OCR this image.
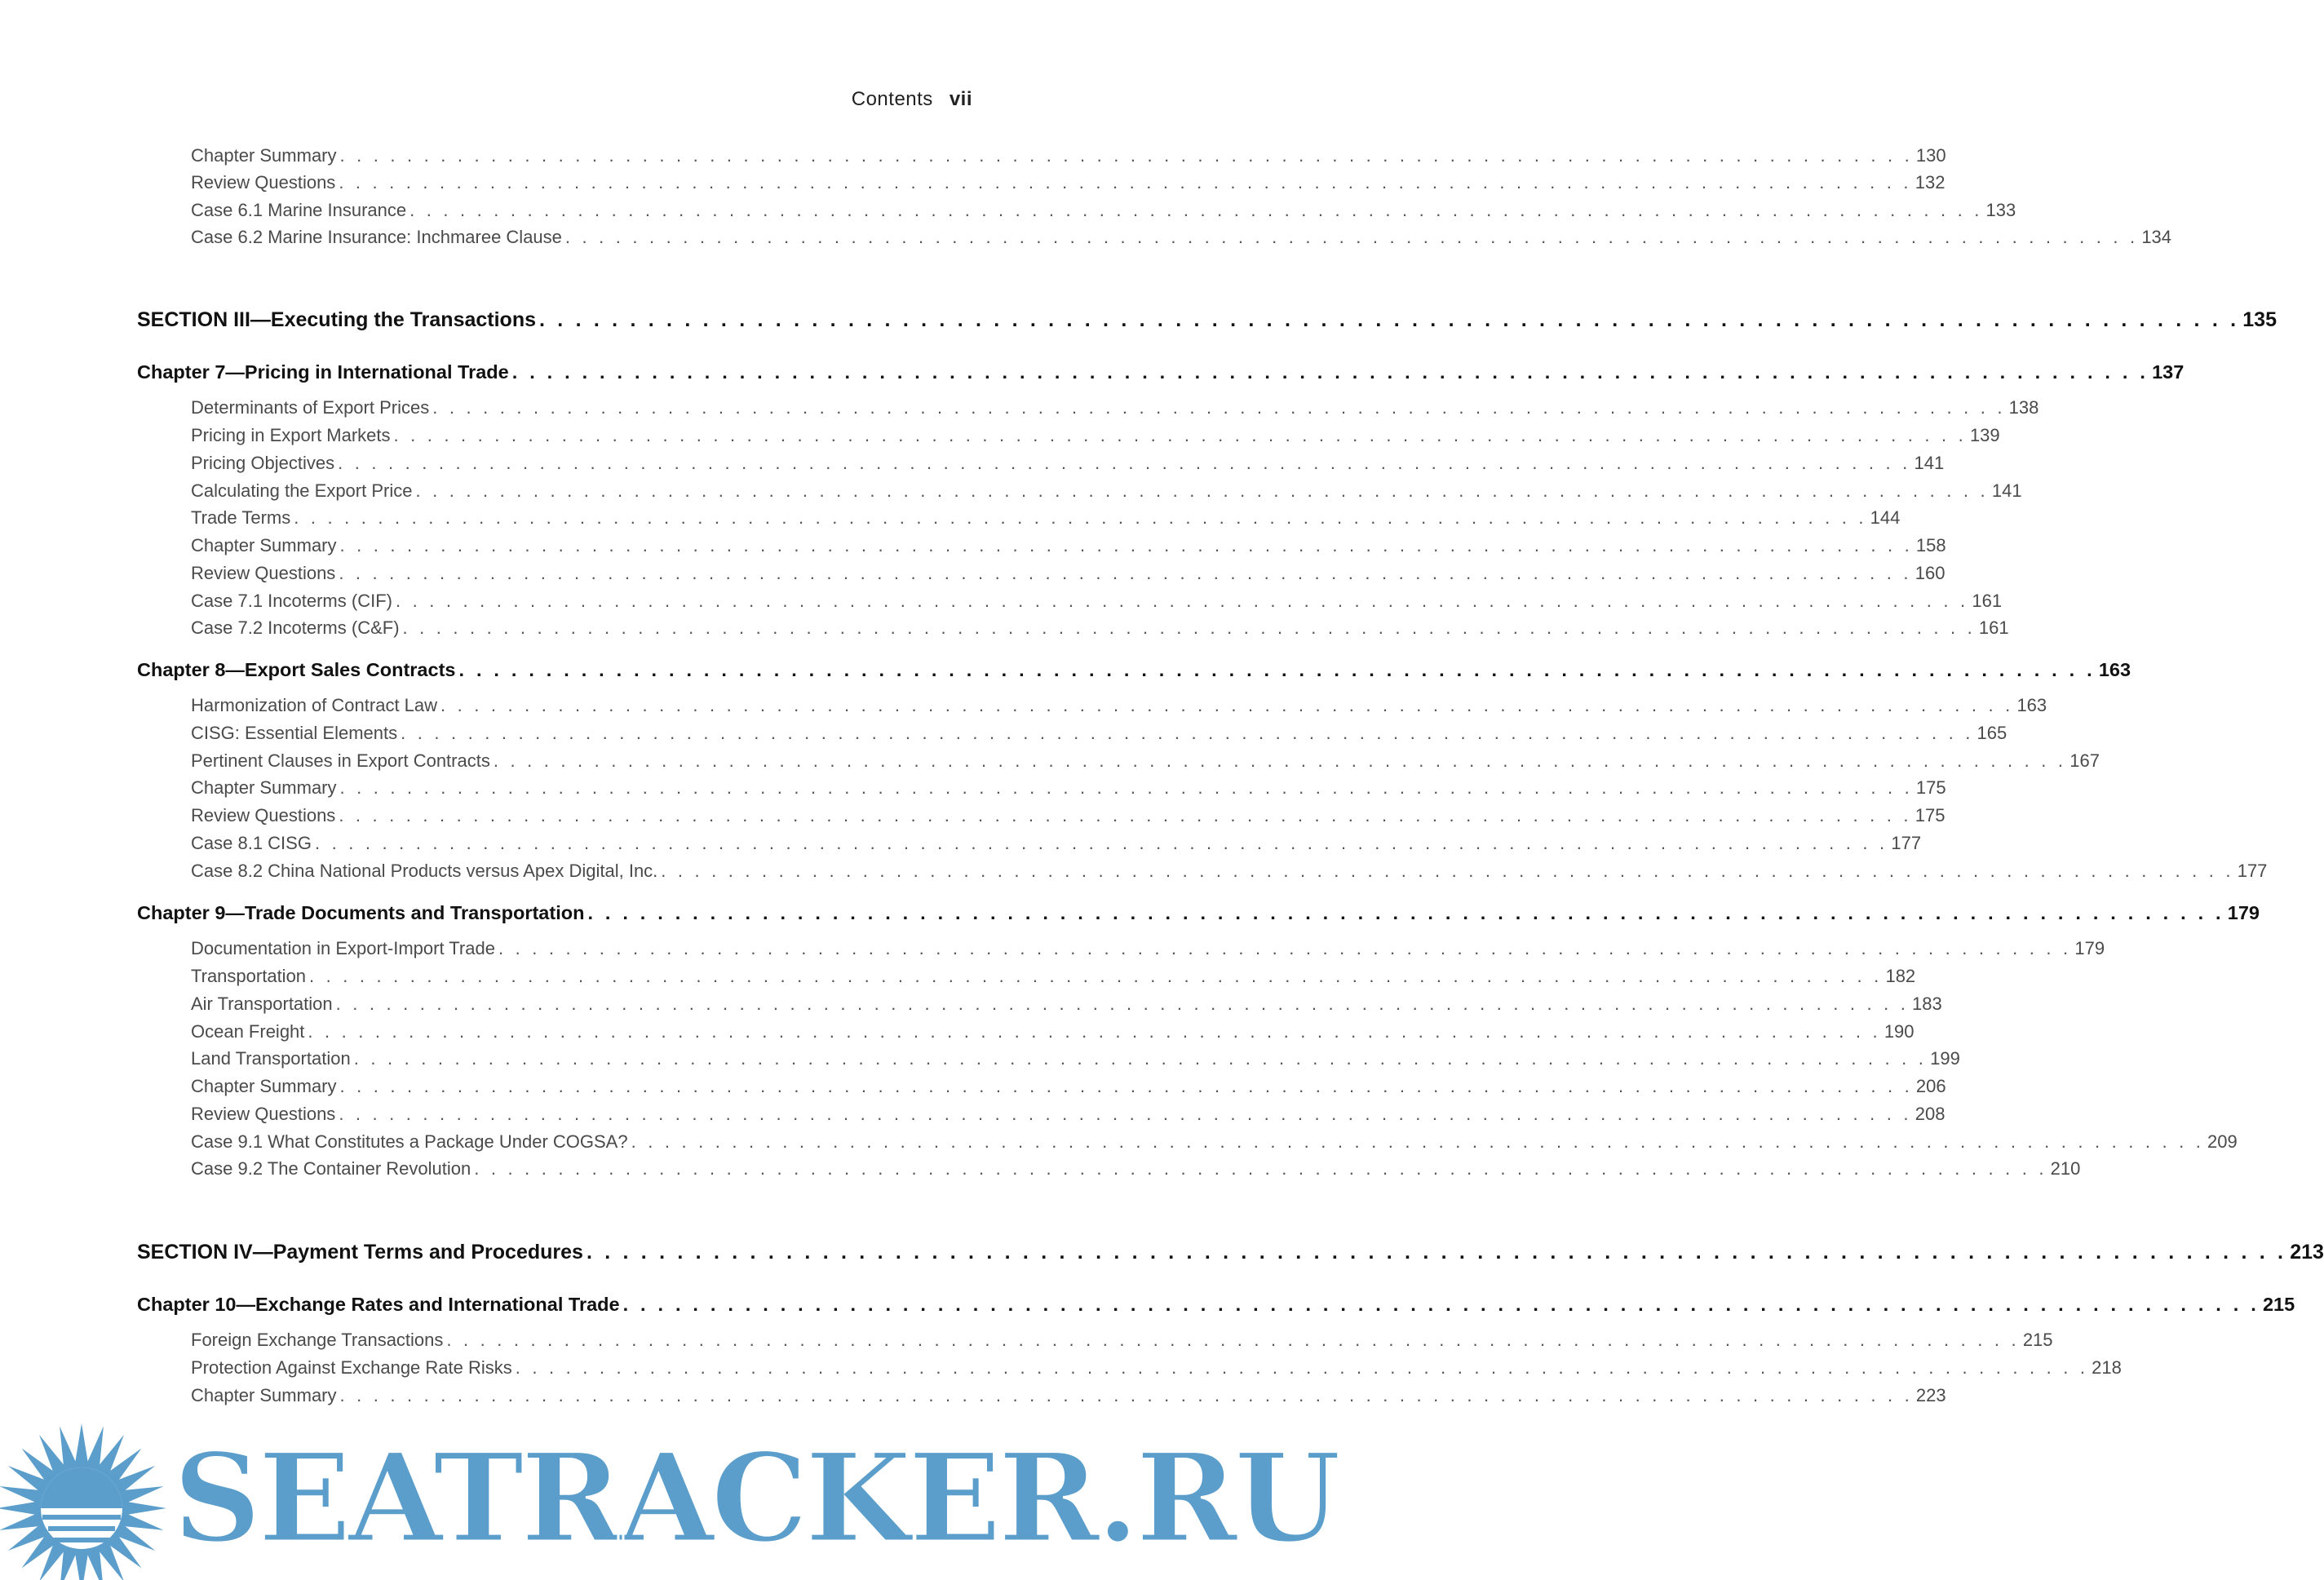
Contents vii
Chapter Summary . . .	130
Review Questions . . .	132
Case 6.1 Marine Insurance . . .	133
Case 6.2 Marine Insurance: Inchmaree Clause . . .	134
SECTION III—Executing the Transactions . . .	135
Chapter 7—Pricing in International Trade . . .	137
Determinants of Export Prices . . .	138
Pricing in Export Markets . . .	139
Pricing Objectives . . .	141
Calculating the Export Price . . .	141
Trade Terms . . .	144
Chapter Summary . . .	158
Review Questions . . .	160
Case 7.1 Incoterms (CIF) . . .	161
Case 7.2 Incoterms (C&F) . . .	161
Chapter 8—Export Sales Contracts . . .	163
Harmonization of Contract Law . . .	163
CISG: Essential Elements . . .	165
Pertinent Clauses in Export Contracts . . .	167
Chapter Summary . . .	175
Review Questions . . .	175
Case 8.1 CISG . . .	177
Case 8.2 China National Products versus Apex Digital, Inc. . . .	177
Chapter 9—Trade Documents and Transportation . . .	179
Documentation in Export-Import Trade . . .	179
Transportation . . .	182
Air Transportation . . .	183
Ocean Freight . . .	190
Land Transportation . . .	199
Chapter Summary . . .	206
Review Questions . . .	208
Case 9.1 What Constitutes a Package Under COGSA? . . .	209
Case 9.2 The Container Revolution . . .	210
SECTION IV—Payment Terms and Procedures . . .	213
Chapter 10—Exchange Rates and International Trade . . .	215
Foreign Exchange Transactions . . .	215
Protection Against Exchange Rate Risks . . .	218
Chapter Summary . . .	223
SEATRACKER.RU
